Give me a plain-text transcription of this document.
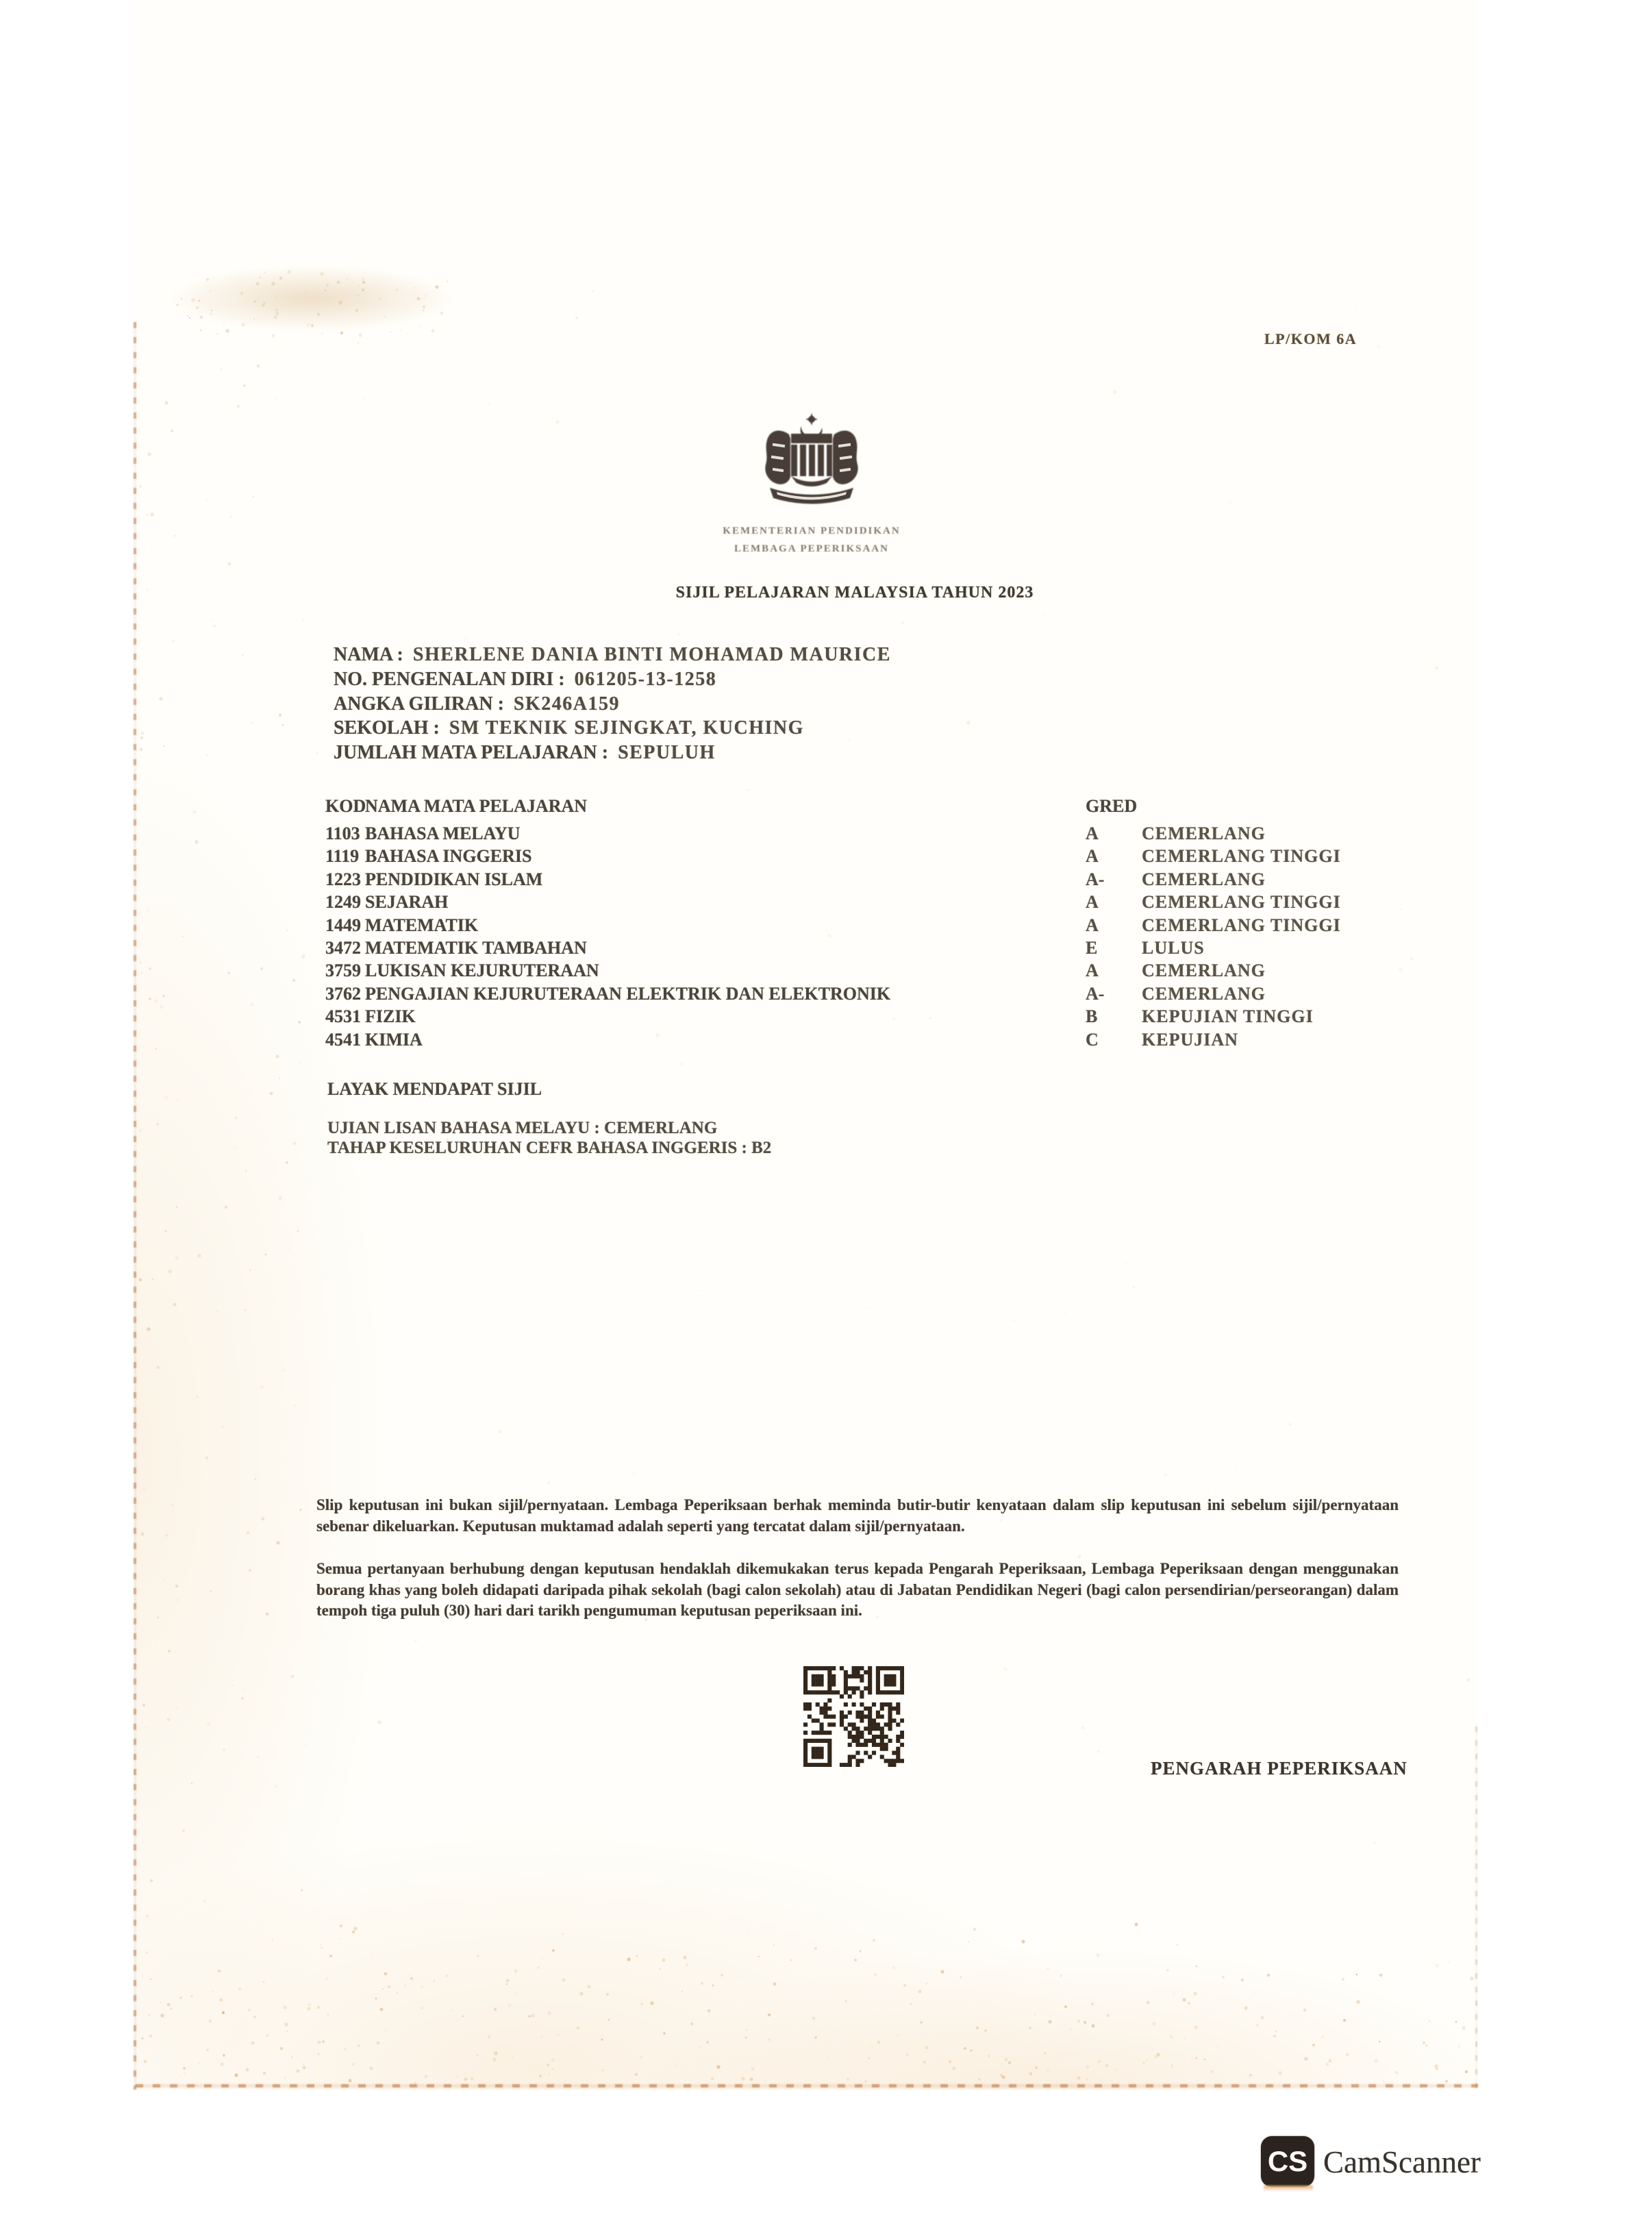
LP/KOM 6A
KEMENTERIAN PENDIDIKAN
LEMBAGA PEPERIKSAAN
SIJIL PELAJARAN MALAYSIA TAHUN 2023
NAMA : SHERLENE DANIA BINTI MOHAMAD MAURICE
NO. PENGENALAN DIRI : 061205-13-1258
ANGKA GILIRAN : SK246A159
SEKOLAH : SM TEKNIK SEJINGKAT, KUCHING
JUMLAH MATA PELAJARAN : SEPULUH
KOD
NAMA MATA PELAJARAN	GRED
1103 BAHASA MELAYU	A	CEMERLANG
1119 BAHASA INGGERIS	A	CEMERLANG TINGGI
1223 PENDIDIKAN ISLAM	A-	CEMERLANG
1249 SEJARAH	A	CEMERLANG TINGGI
1449 MATEMATIK	A	CEMERLANG TINGGI
3472 MATEMATIK TAMBAHAN	E	LULUS
3759 LUKISAN KEJURUTERAAN	A	CEMERLANG
3762 PENGAJIAN KEJURUTERAAN ELEKTRIK DAN ELEKTRONIK	A-	CEMERLANG
4531 FIZIK	B	KEPUJIAN TINGGI
4541 KIMIA	C	KEPUJIAN
LAYAK MENDAPAT SIJIL
UJIAN LISAN BAHASA MELAYU : CEMERLANG
TAHAP KESELURUHAN CEFR BAHASA INGGERIS : B2
Slip keputusan ini bukan sijil/pernyataan. Lembaga Peperiksaan berhak meminda butir-butir kenyataan dalam slip keputusan ini sebelum sijil/pernyataan sebenar dikeluarkan. Keputusan muktamad adalah seperti yang tercatat dalam sijil/pernyataan.
Semua pertanyaan berhubung dengan keputusan hendaklah dikemukakan terus kepada Pengarah Peperiksaan, Lembaga Peperiksaan dengan menggunakan borang khas yang boleh didapati daripada pihak sekolah (bagi calon sekolah) atau di Jabatan Pendidikan Negeri (bagi calon persendirian/perseorangan) dalam tempoh tiga puluh (30) hari dari tarikh pengumuman keputusan peperiksaan ini.
PENGARAH PEPERIKSAAN
CS CamScanner
